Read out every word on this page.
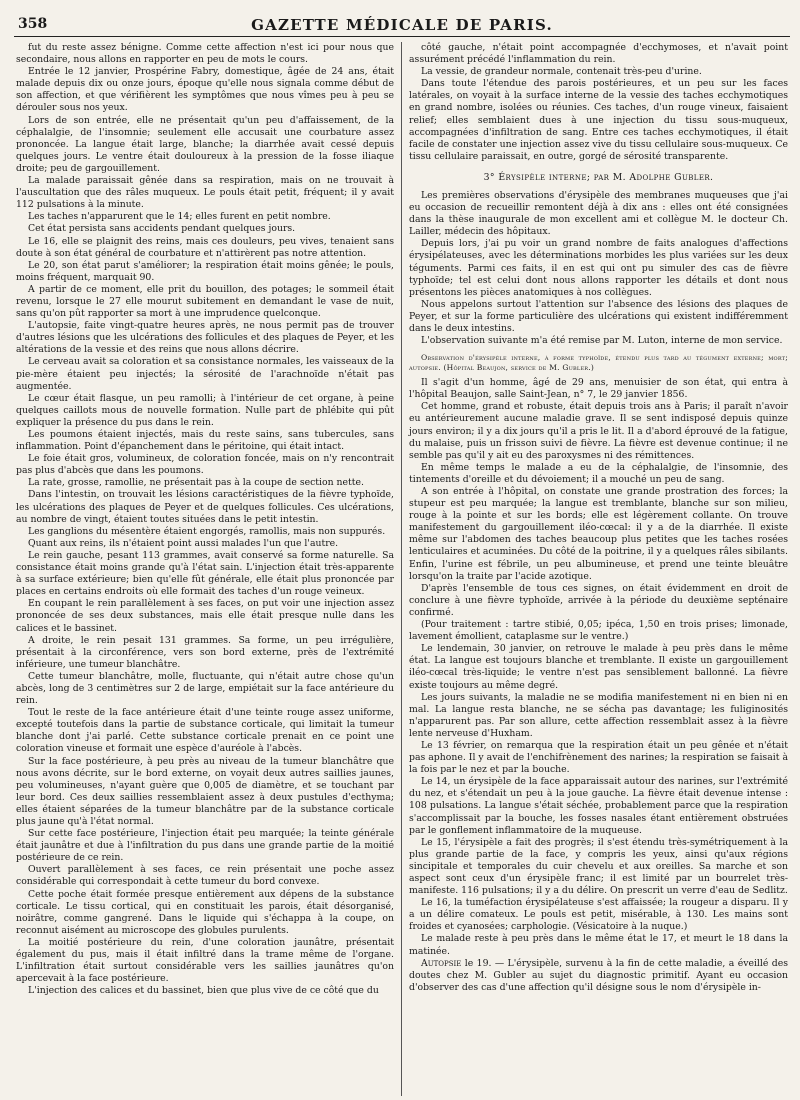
358	GAZETTE MÉDICALE DE PARIS.

fut du reste assez bénigne. Comme cette affection n'est ici pour nous que secondaire, nous allons en rapporter en peu de mots le cours.

Entrée le 12 janvier, Prospérine Fabry, domestique, âgée de 24 ans, était malade depuis dix ou onze jours, époque qu'elle nous signala comme début de son affection, et que vérifièrent les symptômes que nous vîmes peu à peu se dérouler sous nos yeux.

Lors de son entrée, elle ne présentait qu'un peu d'affaissement, de la céphalalgie, de l'insomnie; seulement elle accusait une courbature assez prononcée. La langue était large, blanche; la diarrhée avait cessé depuis quelques jours. Le ventre était douloureux à la pression de la fosse iliaque droite; peu de gargouillement.

La malade paraissait gênée dans sa respiration, mais on ne trouvait à l'auscultation que des râles muqueux. Le pouls était petit, fréquent; il y avait 112 pulsations à la minute.

Les taches n'apparurent que le 14; elles furent en petit nombre.

Cet état persista sans accidents pendant quelques jours.

Le 16, elle se plaignit des reins, mais ces douleurs, peu vives, tenaient sans doute à son état général de courbature et n'attirèrent pas notre attention.

Le 20, son état parut s'améliorer; la respiration était moins gênée; le pouls, moins fréquent, marquait 90.

A partir de ce moment, elle prit du bouillon, des potages; le sommeil était revenu, lorsque le 27 elle mourut subitement en demandant le vase de nuit, sans qu'on pût rapporter sa mort à une imprudence quelconque.

L'autopsie, faite vingt-quatre heures après, ne nous permit pas de trouver d'autres lésions que les ulcérations des follicules et des plaques de Peyer, et les altérations de la vessie et des reins que nous allons décrire.

Le cerveau avait sa coloration et sa consistance normales, les vaisseaux de la pie-mère étaient peu injectés; la sérosité de l'arachnoïde n'était pas augmentée.

Le cœur était flasque, un peu ramolli; à l'intérieur de cet organe, à peine quelques caillots mous de nouvelle formation. Nulle part de phlébite qui pût expliquer la présence du pus dans le rein.

Les poumons étaient injectés, mais du reste sains, sans tubercules, sans inflammation. Point d'épanchement dans le péritoine, qui était intact.

Le foie était gros, volumineux, de coloration foncée, mais on n'y rencontrait pas plus d'abcès que dans les poumons.

La rate, grosse, ramollie, ne présentait pas à la coupe de section nette.

Dans l'intestin, on trouvait les lésions caractéristiques de la fièvre typhoïde, les ulcérations des plaques de Peyer et de quelques follicules. Ces ulcérations, au nombre de vingt, étaient toutes situées dans le petit intestin.

Les ganglions du mésentère étaient engorgés, ramollis, mais non suppurés.

Quant aux reins, ils n'étaient point aussi malades l'un que l'autre.

Le rein gauche, pesant 113 grammes, avait conservé sa forme naturelle. Sa consistance était moins grande qu'à l'état sain. L'injection était très-apparente à sa surface extérieure; bien qu'elle fût générale, elle était plus prononcée par places en certains endroits où elle formait des taches d'un rouge veineux.

En coupant le rein parallèlement à ses faces, on put voir une injection assez prononcée de ses deux substances, mais elle était presque nulle dans les calices et le bassinet.

A droite, le rein pesait 131 grammes. Sa forme, un peu irrégulière, présentait à la circonférence, vers son bord externe, près de l'extrémité inférieure, une tumeur blanchâtre.

Cette tumeur blanchâtre, molle, fluctuante, qui n'était autre chose qu'un abcès, long de 3 centimètres sur 2 de large, empiétait sur la face antérieure du rein.

Tout le reste de la face antérieure était d'une teinte rouge assez uniforme, excepté toutefois dans la partie de substance corticale, qui limitait la tumeur blanche dont j'ai parlé. Cette substance corticale prenait en ce point une coloration vineuse et formait une espèce d'auréole à l'abcès.

Sur la face postérieure, à peu près au niveau de la tumeur blanchâtre que nous avons décrite, sur le bord externe, on voyait deux autres saillies jaunes, peu volumineuses, n'ayant guère que 0,005 de diamètre, et se touchant par leur bord. Ces deux saillies ressemblaient assez à deux pustules d'ecthyma; elles étaient séparées de la tumeur blanchâtre par de la substance corticale plus jaune qu'à l'état normal.

Sur cette face postérieure, l'injection était peu marquée; la teinte générale était jaunâtre et due à l'infiltration du pus dans une grande partie de la moitié postérieure de ce rein.

Ouvert parallèlement à ses faces, ce rein présentait une poche assez considérable qui correspondait à cette tumeur du bord convexe.

Cette poche était formée presque entièrement aux dépens de la substance corticale. Le tissu cortical, qui en constituait les parois, était désorganisé, noirâtre, comme gangrené. Dans le liquide qui s'échappa à la coupe, on reconnut aisément au microscope des globules purulents.

La moitié postérieure du rein, d'une coloration jaunâtre, présentait également du pus, mais il était infiltré dans la trame même de l'organe. L'infiltration était surtout considérable vers les saillies jaunâtres qu'on apercevait à la face postérieure.

L'injection des calices et du bassinet, bien que plus vive de ce côté que du

côté gauche, n'était point accompagnée d'ecchymoses, et n'avait point assurément précédé l'inflammation du rein.

La vessie, de grandeur normale, contenait très-peu d'urine.

Dans toute l'étendue des parois postérieures, et un peu sur les faces latérales, on voyait à la surface interne de la vessie des taches ecchymotiques en grand nombre, isolées ou réunies. Ces taches, d'un rouge vineux, faisaient relief; elles semblaient dues à une injection du tissu sous-muqueux, accompagnées d'infiltration de sang. Entre ces taches ecchymotiques, il était facile de constater une injection assez vive du tissu cellulaire sous-muqueux. Ce tissu cellulaire paraissait, en outre, gorgé de sérosité transparente.

3° Érysipèle interne; par M. Adolphe Gubler.

Les premières observations d'érysipèle des membranes muqueuses que j'ai eu occasion de recueillir remontent déjà à dix ans : elles ont été consignées dans la thèse inaugurale de mon excellent ami et collègue M. le docteur Ch. Lailler, médecin des hôpitaux.

Depuis lors, j'ai pu voir un grand nombre de faits analogues d'affections érysipélateuses, avec les déterminations morbides les plus variées sur les deux téguments. Parmi ces faits, il en est qui ont pu simuler des cas de fièvre typhoïde; tel est celui dont nous allons rapporter les détails et dont nous présentons les pièces anatomiques à nos collègues.

Nous appelons surtout l'attention sur l'absence des lésions des plaques de Peyer, et sur la forme particulière des ulcérations qui existent indifféremment dans le deux intestins.

L'observation suivante m'a été remise par M. Luton, interne de mon service.

Observation d'érysipèle interne, à forme typhoïde, étendu plus tard au tégument externe; mort; autopsie. (Hôpital Beaujon, service de M. Gubler.)

Il s'agit d'un homme, âgé de 29 ans, menuisier de son état, qui entra à l'hôpital Beaujon, salle Saint-Jean, n° 7, le 29 janvier 1856.

Cet homme, grand et robuste, était depuis trois ans à Paris; il paraît n'avoir eu antérieurement aucune maladie grave. Il se sent indisposé depuis quinze jours environ; il y a dix jours qu'il a pris le lit. Il a d'abord éprouvé de la fatigue, du malaise, puis un frisson suivi de fièvre. La fièvre est devenue continue; il ne semble pas qu'il y ait eu des paroxysmes ni des rémittences.

En même temps le malade a eu de la céphalalgie, de l'insomnie, des tintements d'oreille et du dévoiement; il a mouché un peu de sang.

A son entrée à l'hôpital, on constate une grande prostration des forces; la stupeur est peu marquée; la langue est tremblante, blanche sur son milieu, rouge à la pointe et sur les bords; elle est légèrement collante. On trouve manifestement du gargouillement iléo-cœcal: il y a de la diarrhée. Il existe même sur l'abdomen des taches beaucoup plus petites que les taches rosées lenticulaires et acuminées. Du côté de la poitrine, il y a quelques râles sibilants. Enfin, l'urine est fébrile, un peu albumineuse, et prend une teinte bleuâtre lorsqu'on la traite par l'acide azotique.

D'après l'ensemble de tous ces signes, on était évidemment en droit de conclure à une fièvre typhoïde, arrivée à la période du deuxième septénaire confirmé.

(Pour traitement : tartre stibié, 0,05; ipéca, 1,50 en trois prises; limonade, lavement émollient, cataplasme sur le ventre.)

Le lendemain, 30 janvier, on retrouve le malade à peu près dans le même état. La langue est toujours blanche et tremblante. Il existe un gargouillement iléo-cœcal très-liquide; le ventre n'est pas sensiblement ballonné. La fièvre existe toujours au même degré.

Les jours suivants, la maladie ne se modifia manifestement ni en bien ni en mal. La langue resta blanche, ne se sécha pas davantage; les fuliginosités n'apparurent pas. Par son allure, cette affection ressemblait assez à la fièvre lente nerveuse d'Huxham.

Le 13 février, on remarqua que la respiration était un peu gênée et n'était pas aphone. Il y avait de l'enchifrènement des narines; la respiration se faisait à la fois par le nez et par la bouche.

Le 14, un érysipèle de la face apparaissait autour des narines, sur l'extrémité du nez, et s'étendait un peu à la joue gauche. La fièvre était devenue intense : 108 pulsations. La langue s'était séchée, probablement parce que la respiration s'accomplissait par la bouche, les fosses nasales étant entièrement obstruées par le gonflement inflammatoire de la muqueuse.

Le 15, l'érysipèle a fait des progrès; il s'est étendu très-symétriquement à la plus grande partie de la face, y compris les yeux, ainsi qu'aux régions sincipitale et temporales du cuir chevelu et aux oreilles. Sa marche et son aspect sont ceux d'un érysipèle franc; il est limité par un bourrelet très-manifeste. 116 pulsations; il y a du délire. On prescrit un verre d'eau de Sedlitz.

Le 16, la tuméfaction érysipélateuse s'est affaissée; la rougeur a disparu. Il y a un délire comateux. Le pouls est petit, misérable, à 130. Les mains sont froides et cyanosées; carphologie. (Vésicatoire à la nuque.)

Le malade reste à peu près dans le même état le 17, et meurt le 18 dans la matinée.

Autopsie le 19. — L'érysipèle, survenu à la fin de cette maladie, a éveillé des doutes chez M. Gubler au sujet du diagnostic primitif. Ayant eu occasion d'observer des cas d'une affection qu'il désigne sous le nom d'érysipèle in-
